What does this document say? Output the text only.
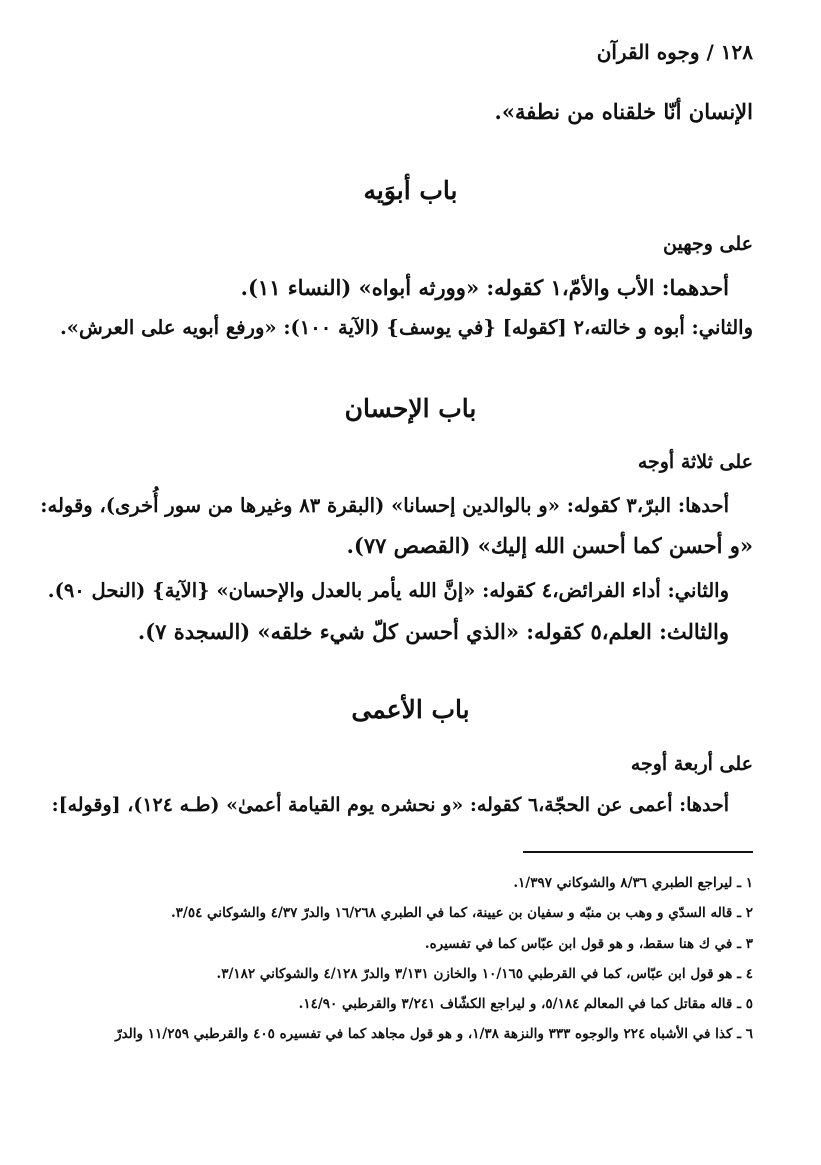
١٢٨ / وجوه القرآن
الإنسان أنّا خلقناه من نطفة».
باب أبوَيه
على وجهين
أحدهما: الأب والأمّ،١ كقوله: «وورثه أبواه» (النساء ١١).
والثاني: أبوه و خالته،٢ [كقوله] {في يوسف} (الآية ١٠٠): «ورفع أبويه على العرش».
باب الإحسان
على ثلاثة أوجه
أحدها: البرّ،٣ كقوله: «و بالوالدين إحسانا» (البقرة ٨٣ وغيرها من سور أُخرى)، وقوله:
«و أحسن كما أحسن الله إليك» (القصص ٧٧).
والثاني: أداء الفرائض،٤ كقوله: «إنَّ الله يأمر بالعدل والإحسان» {الآية} (النحل ٩٠).
والثالث: العلم،٥ كقوله: «الذي أحسن كلّ شيء خلقه» (السجدة ٧).
باب الأعمى
على أربعة أوجه
أحدها: أعمى عن الحجّة،٦ كقوله: «و نحشره يوم القيامة أعمىٰ» (طـه ١٢٤)، [وقوله]:
١ ـ ليراجع الطبري ٨/٣٦ والشوكاني ١/٣٩٧.
٢ ـ قاله السدّي و وهب بن منبّه و سفيان بن عيينة، كما في الطبري ١٦/٢٦٨ والدرّ ٤/٣٧ والشوكاني ٣/٥٤.
٣ ـ في ك هنا سقط، و هو قول ابن عبّاس كما في تفسيره.
٤ ـ هو قول ابن عبّاس، كما في القرطبي ١٠/١٦٥ والخازن ٣/١٣١ والدرّ ٤/١٢٨ والشوكاني ٣/١٨٢.
٥ ـ قاله مقاتل كما في المعالم ٥/١٨٤، و ليراجع الكشّاف ٣/٢٤١ والقرطبي ١٤/٩٠.
٦ ـ كذا في الأشباه ٢٢٤ والوجوه ٣٣٣ والنزهة ١/٣٨، و هو قول مجاهد كما في تفسيره ٤٠٥ والقرطبي ١١/٢٥٩ والدرّ
